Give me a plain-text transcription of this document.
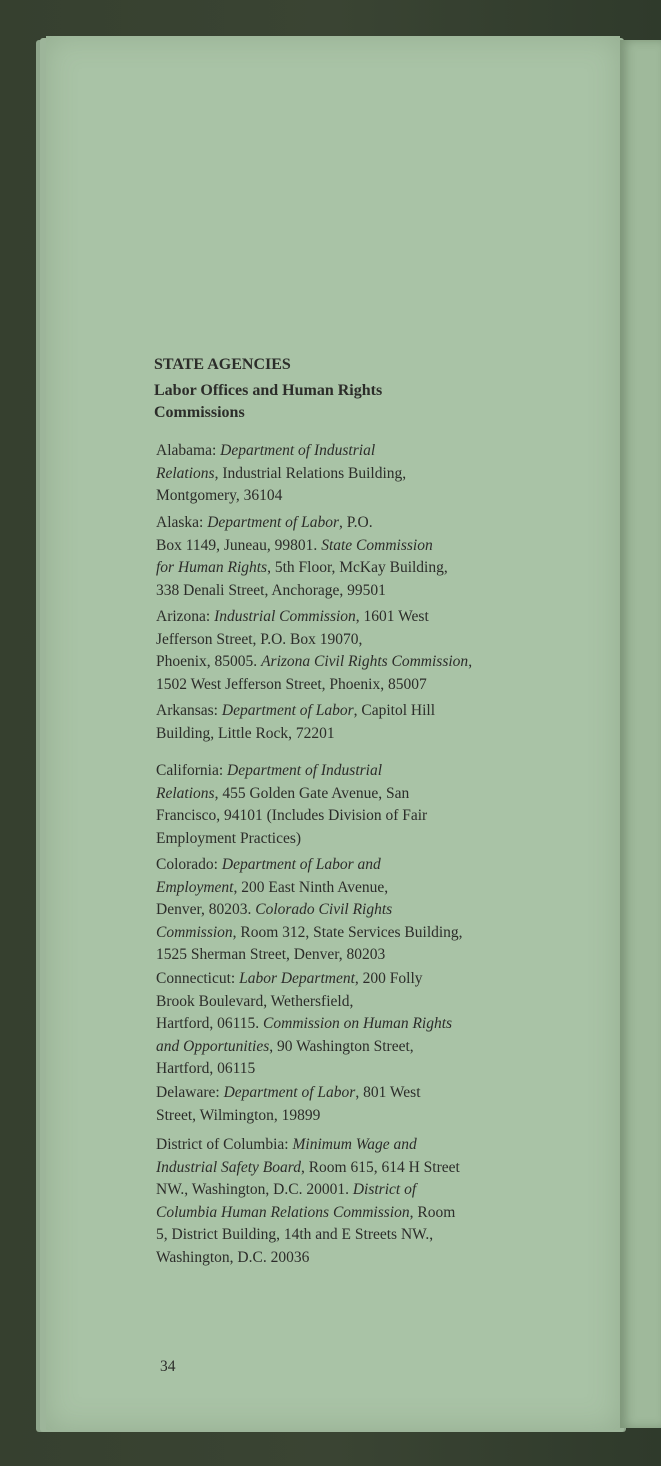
STATE AGENCIES
Labor Offices and Human Rights Commissions
Alabama: Department of Industrial
Relations, Industrial Relations Building,
Montgomery, 36104
Alaska: Department of Labor, P.O.
Box 1149, Juneau, 99801. State Commission
for Human Rights, 5th Floor, McKay Building,
338 Denali Street, Anchorage, 99501
Arizona: Industrial Commission, 1601 West
Jefferson Street, P.O. Box 19070,
Phoenix, 85005. Arizona Civil Rights Commission,
1502 West Jefferson Street, Phoenix, 85007
Arkansas: Department of Labor, Capitol Hill
Building, Little Rock, 72201
California: Department of Industrial
Relations, 455 Golden Gate Avenue, San
Francisco, 94101 (Includes Division of Fair
Employment Practices)
Colorado: Department of Labor and
Employment, 200 East Ninth Avenue,
Denver, 80203. Colorado Civil Rights
Commission, Room 312, State Services Building,
1525 Sherman Street, Denver, 80203
Connecticut: Labor Department, 200 Folly
Brook Boulevard, Wethersfield,
Hartford, 06115. Commission on Human Rights
and Opportunities, 90 Washington Street,
Hartford, 06115
Delaware: Department of Labor, 801 West
Street, Wilmington, 19899
District of Columbia: Minimum Wage and
Industrial Safety Board, Room 615, 614 H Street
NW., Washington, D.C. 20001. District of
Columbia Human Relations Commission, Room
5, District Building, 14th and E Streets NW.,
Washington, D.C. 20036
34
